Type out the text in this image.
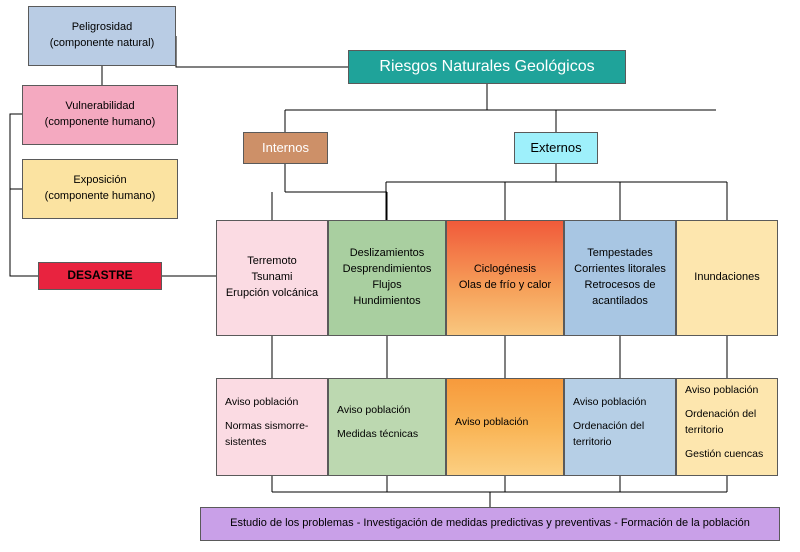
Peligrosidad
(componente natural)
Vulnerabilidad
(componente humano)
Exposición
(componente humano)
DESASTRE
Riesgos Naturales Geológicos
Internos	Externos
Terremoto
Tsunami
Erupción volcánica
Deslizamientos
Desprendimientos
Flujos
Hundimientos
Ciclogénesis
Olas de frío y calor
Tempestades
Corrientes litorales
Retrocesos de
acantilados
Inundaciones
Aviso población
Normas sismorre-
sistentes
Aviso población
Medidas técnicas
Aviso población
Aviso población
Ordenación del
territorio
Aviso población
Ordenación del
territorio
Gestión cuencas
Estudio de los problemas - Investigación de medidas predictivas y preventivas - Formación de la población
